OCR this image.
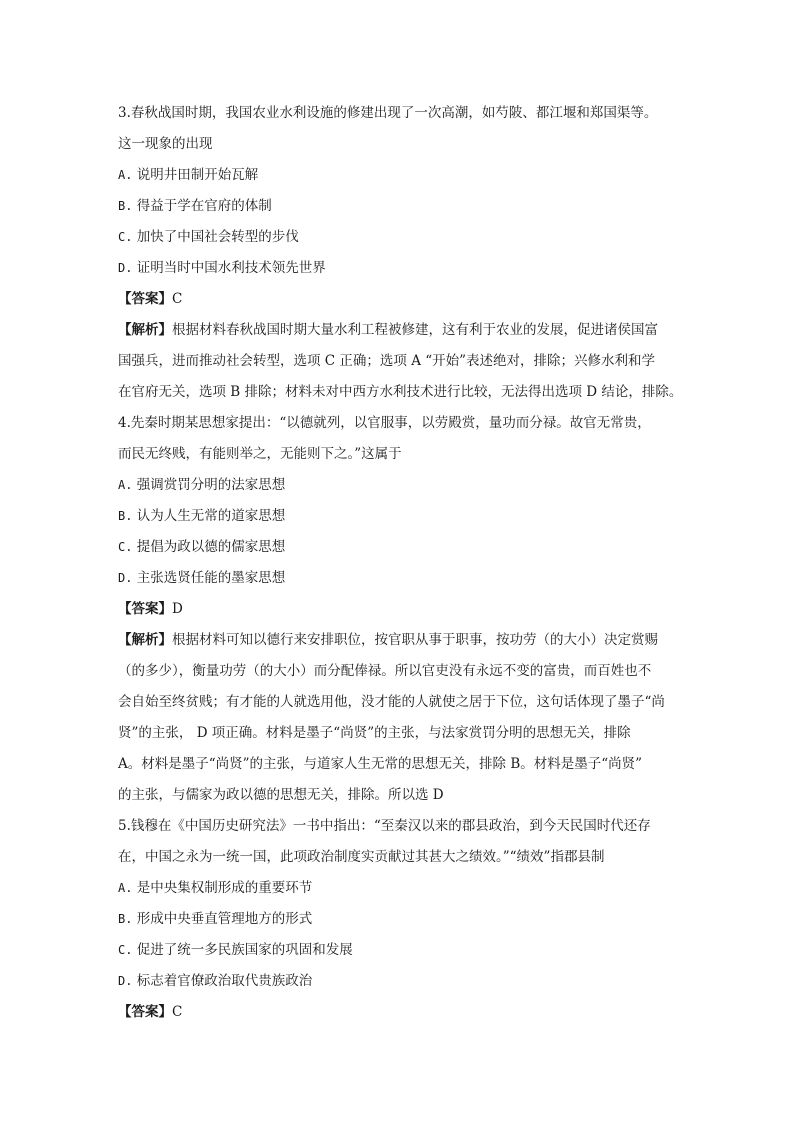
3.春秋战国时期，我国农业水利设施的修建出现了一次高潮，如芍陂、都江堰和郑国渠等。
这一现象的出现
A. 说明井田制开始瓦解
B. 得益于学在官府的体制
C. 加快了中国社会转型的步伐
D. 证明当时中国水利技术领先世界
【答案】C
【解析】根据材料春秋战国时期大量水利工程被修建，这有利于农业的发展，促进诸侯国富
国强兵，进而推动社会转型，选项 C 正确；选项 A “开始”表述绝对，排除；兴修水利和学
在官府无关，选项 B 排除；材料未对中西方水利技术进行比较，无法得出选项 D 结论，排除。
4.先秦时期某思想家提出：“以德就列，以官服事，以劳殿赏，量功而分禄。故官无常贵，
而民无终贱，有能则举之，无能则下之。”这属于
A. 强调赏罚分明的法家思想
B. 认为人生无常的道家思想
C. 提倡为政以德的儒家思想
D. 主张选贤任能的墨家思想
【答案】D
【解析】根据材料可知以德行来安排职位，按官职从事于职事，按功劳（的大小）决定赏赐
（的多少），衡量功劳（的大小）而分配俸禄。所以官吏没有永远不变的富贵，而百姓也不
会自始至终贫贱；有才能的人就选用他，没才能的人就使之居于下位，这句话体现了墨子“尚
贤”的主张， D 项正确。材料是墨子“尚贤”的主张，与法家赏罚分明的思想无关，排除
A。材料是墨子“尚贤”的主张，与道家人生无常的思想无关，排除 B。材料是墨子“尚贤”
的主张，与儒家为政以德的思想无关，排除。所以选 D
5.钱穆在《中国历史研究法》一书中指出：“至秦汉以来的郡县政治，到今天民国时代还存
在，中国之永为一统一国，此项政治制度实贡献过其甚大之绩效。”“绩效”指郡县制
A. 是中央集权制形成的重要环节
B. 形成中央垂直管理地方的形式
C. 促进了统一多民族国家的巩固和发展
D. 标志着官僚政治取代贵族政治
【答案】C
